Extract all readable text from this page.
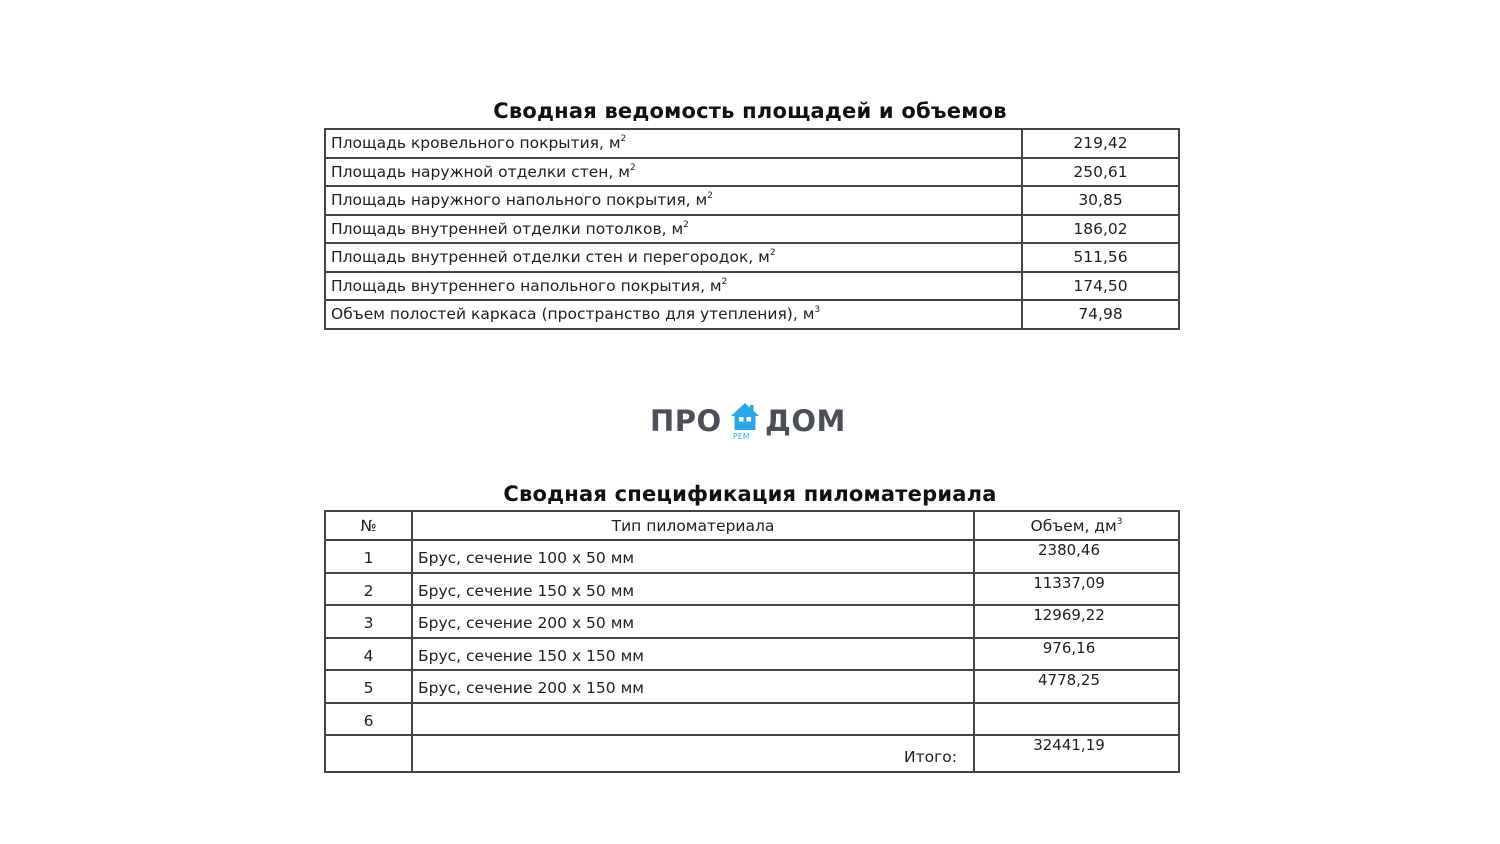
Сводная ведомость площадей и объемов
Площадь кровельного покрытия, $м^2$	219,42
Площадь наружной отделки стен, $м^2$	250,61
Площадь наружного напольного покрытия, $м^2$	30,85
Площадь внутренней отделки потолков, $м^2$	186,02
Площадь внутренней отделки стен и перегородок, $м^2$	511,56
Площадь внутреннего напольного покрытия, $м^2$	174,50
Объем полостей каркаса (пространство для утепления), $м^3$	74,98
ПРО РЕМ ДОМ
Сводная спецификация пиломатериала
№	Тип пиломатериала	Объем, $дм^3$
1	Брус, сечение 100 х 50 мм	2380,46
2	Брус, сечение 150 х 50 мм	11337,09
3	Брус, сечение 200 х 50 мм	12969,22
4	Брус, сечение 150 х 150 мм	976,16
5	Брус, сечение 200 х 150 мм	4778,25
6		
	Итого:	32441,19
